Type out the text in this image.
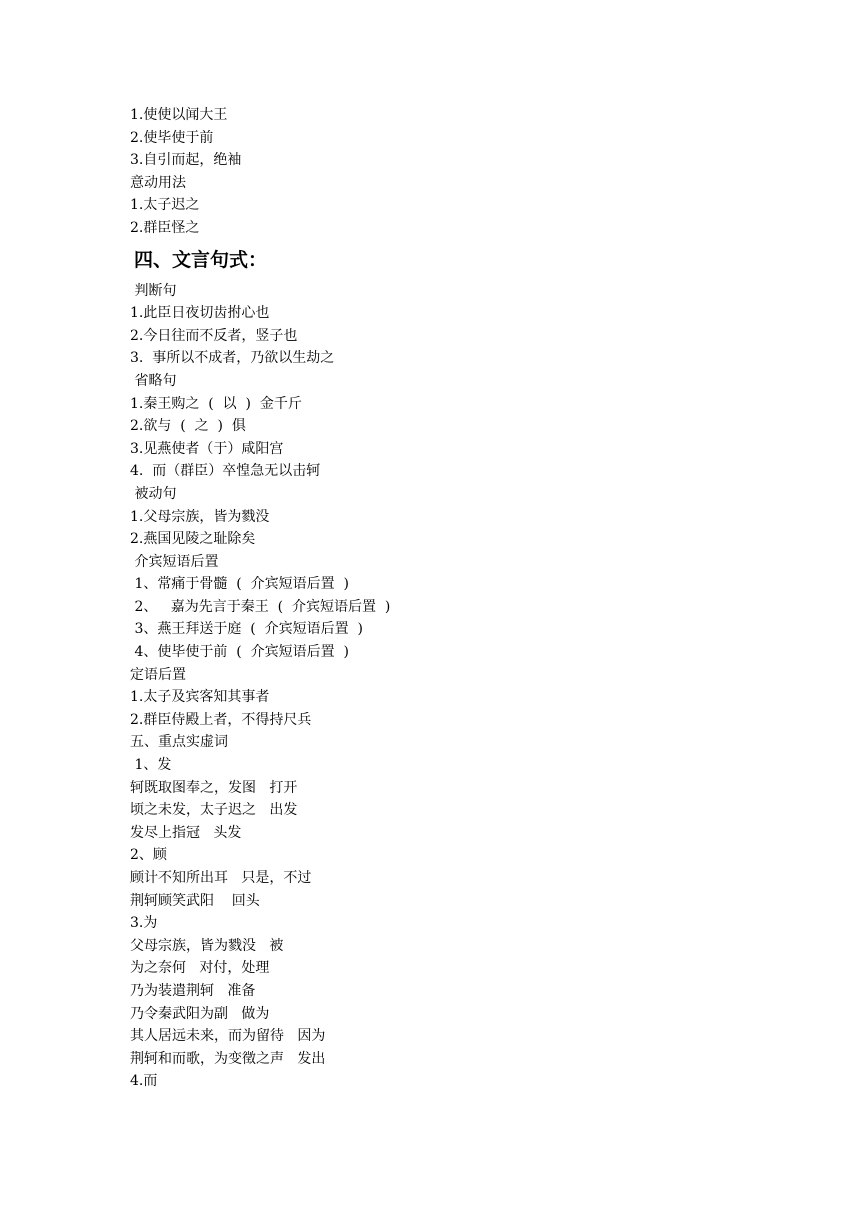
1.使使以闻大王
2.使毕使于前
3.自引而起，绝袖
意动用法
1.太子迟之
2.群臣怪之
四、文言句式：
判断句
1.此臣日夜切齿拊心也
2.今日往而不反者，竖子也
3.  事所以不成者，乃欲以生劫之
省略句
1.秦王购之  (  以  )  金千斤
2.欲与  (  之  )  俱
3.见燕使者（于）咸阳宫
4.  而（群臣）卒惶急无以击轲
被动句
1.父母宗族，皆为戮没
2.燕国见陵之耻除矣
介宾短语后置
1、常痛于骨髓  (  介宾短语后置  )
2、   嘉为先言于秦王  (  介宾短语后置  )
3、燕王拜送于庭  (  介宾短语后置  )
4、使毕使于前  (  介宾短语后置  )
定语后置
1.太子及宾客知其事者
2.群臣侍殿上者，不得持尺兵
五、重点实虚词
1、发
轲既取图奉之，发图   打开
顷之未发，太子迟之   出发
发尽上指冠   头发
2、顾
顾计不知所出耳   只是，不过
荆轲顾笑武阳    回头
3.为
父母宗族，皆为戮没   被
为之奈何   对付，处理
乃为装遣荆轲   准备
乃令秦武阳为副   做为
其人居远未来，而为留待   因为
荆轲和而歌，为变徵之声   发出
4.而
